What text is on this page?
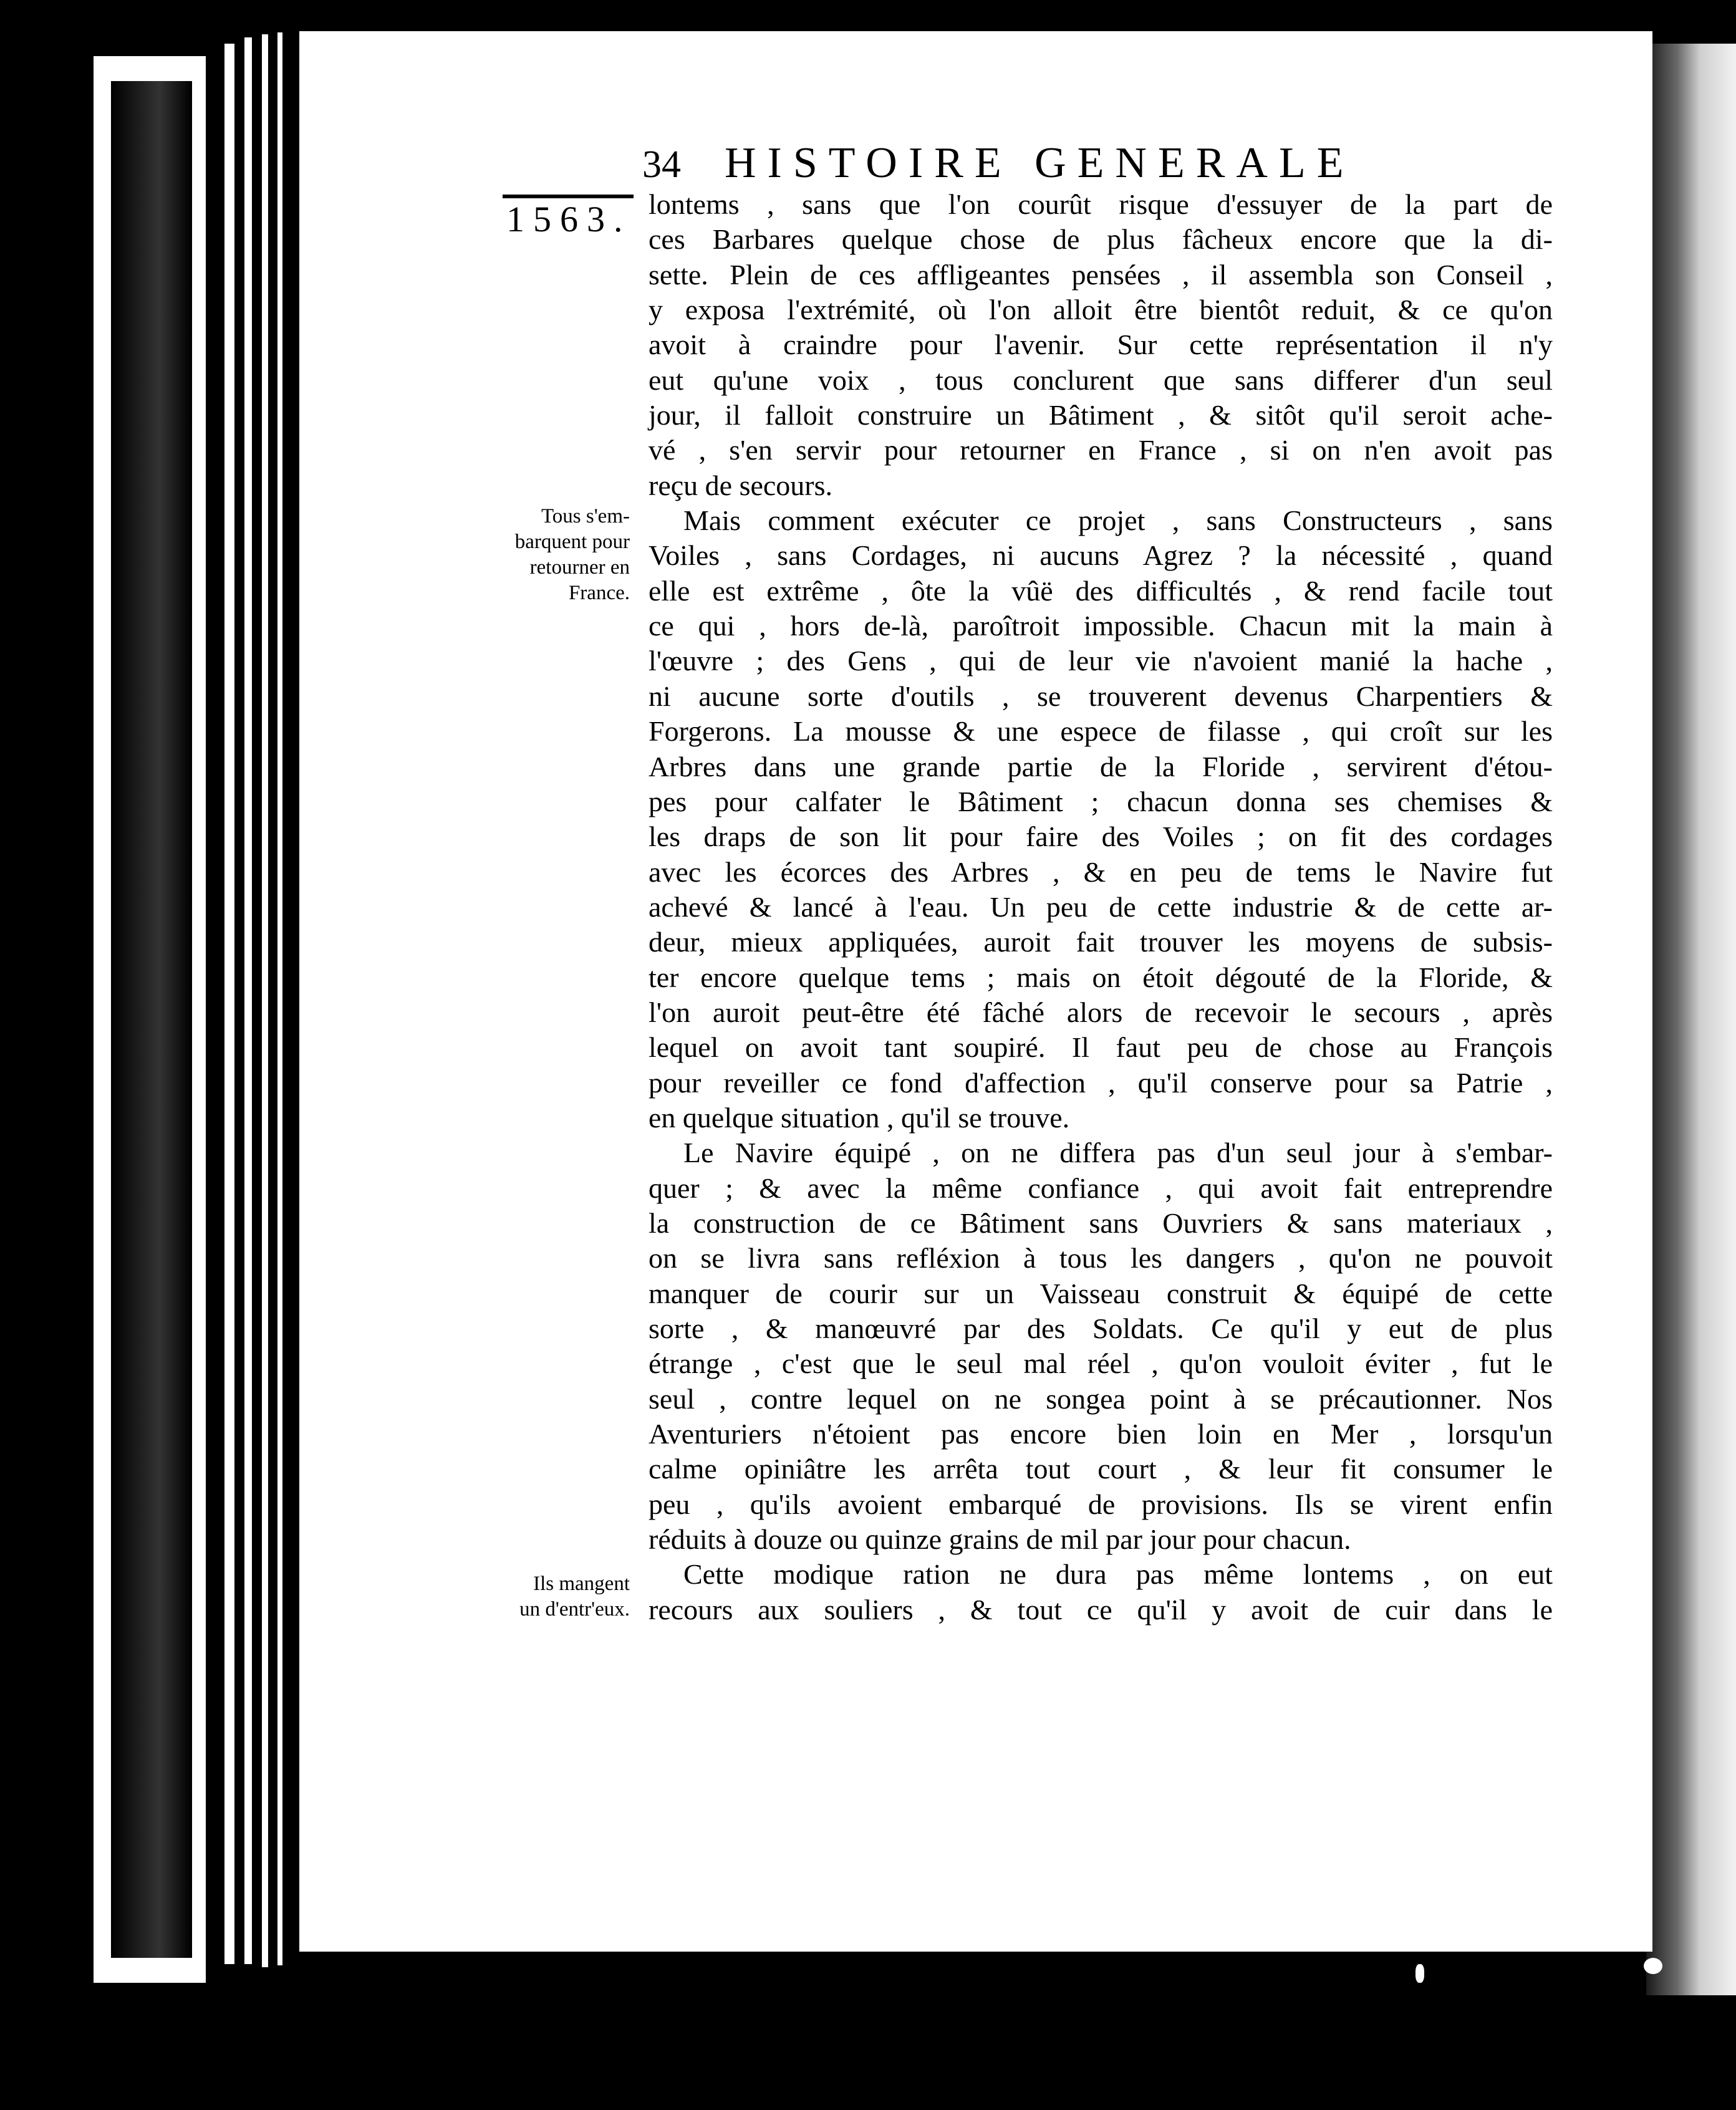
34 HISTOIRE GENERALE
1563.
Tous s'em-
barquent pour
retourner en
France.
Ils mangent
un d'entr'eux.
lontems , sans que l'on courût risque d'essuyer de la part de
ces Barbares quelque chose de plus fâcheux encore que la di-
sette. Plein de ces affligeantes pensées , il assembla son Conseil ,
y exposa l'extrémité, où l'on alloit être bientôt reduit, & ce qu'on
avoit à craindre pour l'avenir. Sur cette représentation il n'y
eut qu'une voix , tous conclurent que sans differer d'un seul
jour, il falloit construire un Bâtiment , & sitôt qu'il seroit ache-
vé , s'en servir pour retourner en France , si on n'en avoit pas
reçu de secours.
Mais comment exécuter ce projet , sans Constructeurs , sans
Voiles , sans Cordages, ni aucuns Agrez ? la nécessité , quand
elle est extrême , ôte la vûë des difficultés , & rend facile tout
ce qui , hors de-là, paroîtroit impossible. Chacun mit la main à
l'œuvre ; des Gens , qui de leur vie n'avoient manié la hache ,
ni aucune sorte d'outils , se trouverent devenus Charpentiers &
Forgerons. La mousse & une espece de filasse , qui croît sur les
Arbres dans une grande partie de la Floride , servirent d'étou-
pes pour calfater le Bâtiment ; chacun donna ses chemises &
les draps de son lit pour faire des Voiles ; on fit des cordages
avec les écorces des Arbres , & en peu de tems le Navire fut
achevé & lancé à l'eau. Un peu de cette industrie & de cette ar-
deur, mieux appliquées, auroit fait trouver les moyens de subsis-
ter encore quelque tems ; mais on étoit dégouté de la Floride, &
l'on auroit peut-être été fâché alors de recevoir le secours , après
lequel on avoit tant soupiré. Il faut peu de chose au François
pour reveiller ce fond d'affection , qu'il conserve pour sa Patrie ,
en quelque situation , qu'il se trouve.
Le Navire équipé , on ne differa pas d'un seul jour à s'embar-
quer ; & avec la même confiance , qui avoit fait entreprendre
la construction de ce Bâtiment sans Ouvriers & sans materiaux ,
on se livra sans refléxion à tous les dangers , qu'on ne pouvoit
manquer de courir sur un Vaisseau construit & équipé de cette
sorte , & manœuvré par des Soldats. Ce qu'il y eut de plus
étrange , c'est que le seul mal réel , qu'on vouloit éviter , fut le
seul , contre lequel on ne songea point à se précautionner. Nos
Aventuriers n'étoient pas encore bien loin en Mer , lorsqu'un
calme opiniâtre les arrêta tout court , & leur fit consumer le
peu , qu'ils avoient embarqué de provisions. Ils se virent enfin
réduits à douze ou quinze grains de mil par jour pour chacun.
Cette modique ration ne dura pas même lontems , on eut
recours aux souliers , & tout ce qu'il y avoit de cuir dans le
